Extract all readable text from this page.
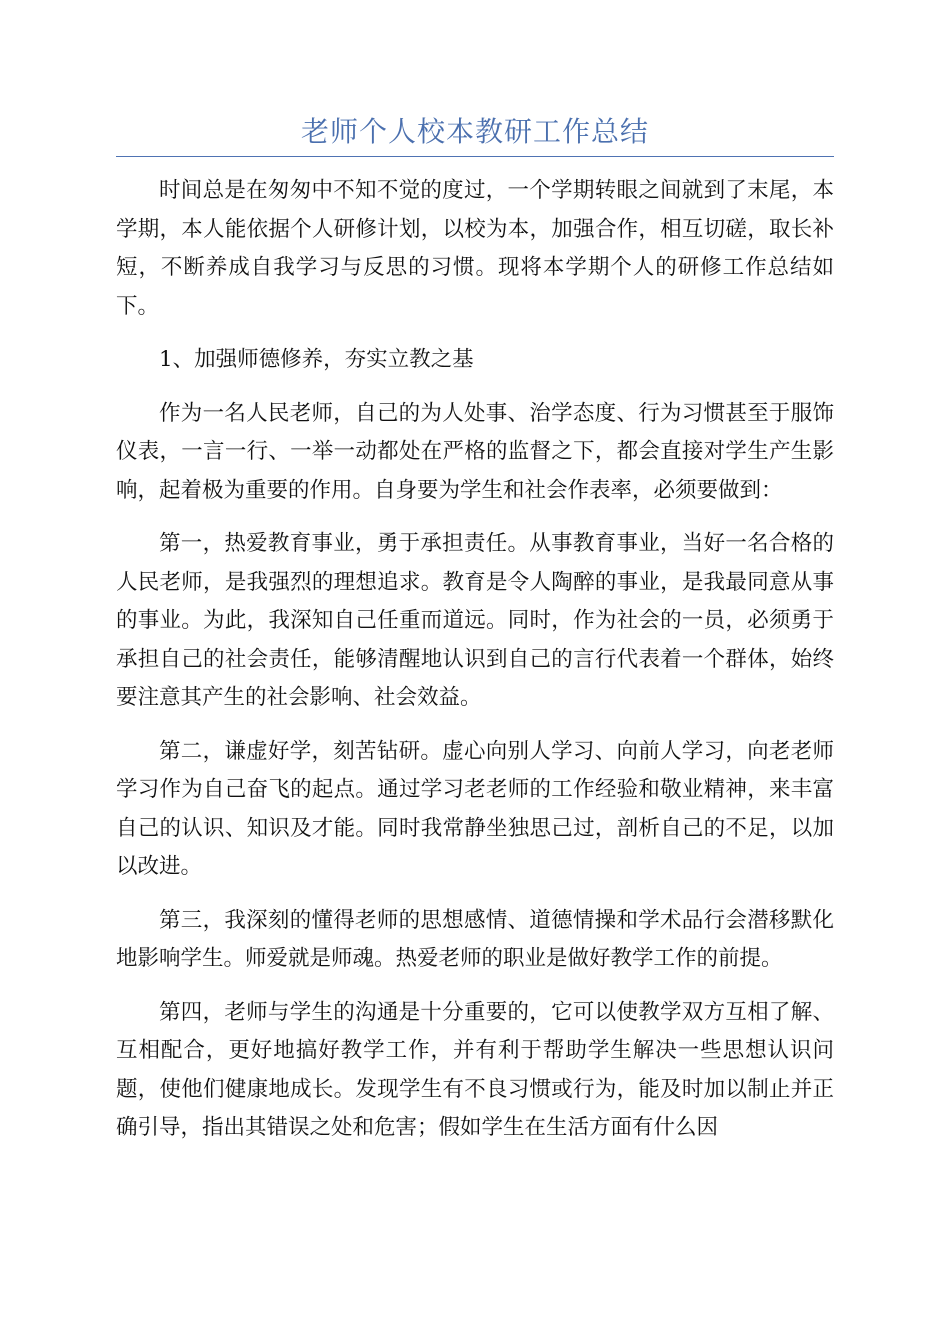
老师个人校本教研工作总结

时间总是在匆匆中不知不觉的度过，一个学期转眼之间就到了末尾，本学期，本人能依据个人研修计划，以校为本，加强合作，相互切磋，取长补短，不断养成自我学习与反思的习惯。现将本学期个人的研修工作总结如下。

1、加强师德修养，夯实立教之基

作为一名人民老师，自己的为人处事、治学态度、行为习惯甚至于服饰仪表，一言一行、一举一动都处在严格的监督之下，都会直接对学生产生影响，起着极为重要的作用。自身要为学生和社会作表率，必须要做到：

第一，热爱教育事业，勇于承担责任。从事教育事业，当好一名合格的人民老师，是我强烈的理想追求。教育是令人陶醉的事业，是我最同意从事的事业。为此，我深知自己任重而道远。同时，作为社会的一员，必须勇于承担自己的社会责任，能够清醒地认识到自己的言行代表着一个群体，始终要注意其产生的社会影响、社会效益。

第二，谦虚好学，刻苦钻研。虚心向别人学习、向前人学习，向老老师学习作为自己奋飞的起点。通过学习老老师的工作经验和敬业精神，来丰富自己的认识、知识及才能。同时我常静坐独思己过，剖析自己的不足，以加以改进。

第三，我深刻的懂得老师的思想感情、道德情操和学术品行会潜移默化地影响学生。师爱就是师魂。热爱老师的职业是做好教学工作的前提。

第四，老师与学生的沟通是十分重要的，它可以使教学双方互相了解、互相配合，更好地搞好教学工作，并有利于帮助学生解决一些思想认识问题，使他们健康地成长。发现学生有不良习惯或行为，能及时加以制止并正确引导，指出其错误之处和危害；假如学生在生活方面有什么因
